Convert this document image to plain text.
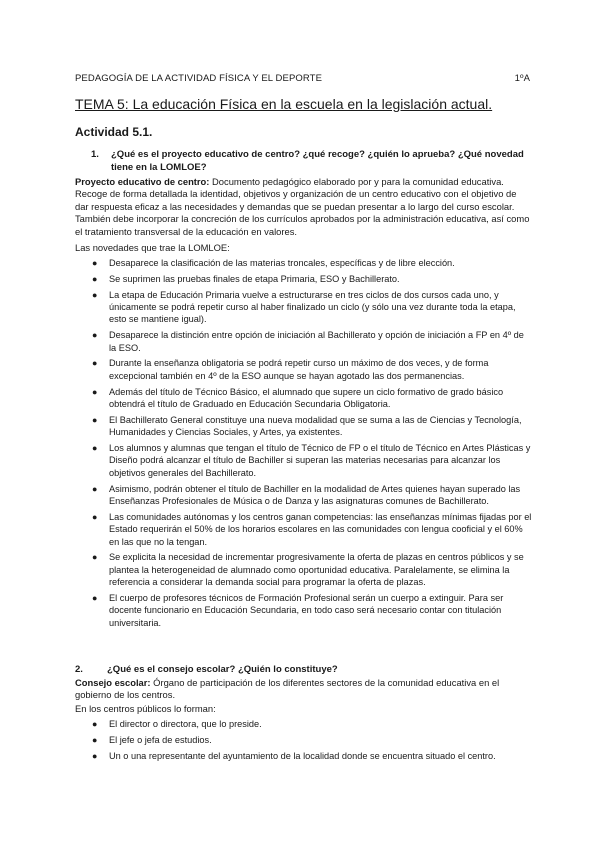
PEDAGOGÍA DE LA ACTIVIDAD FÍSICA Y EL DEPORTE	1ºA
TEMA 5: La educación Física en la escuela en la legislación actual.
Actividad 5.1.
1. ¿Qué es el proyecto educativo de centro? ¿qué recoge? ¿quién lo aprueba? ¿Qué novedad tiene en la LOMLOE?
Proyecto educativo de centro: Documento pedagógico elaborado por y para la comunidad educativa. Recoge de forma detallada la identidad, objetivos y organización de un centro educativo con el objetivo de dar respuesta eficaz a las necesidades y demandas que se puedan presentar a lo largo del curso escolar. También debe incorporar la concreción de los currículos aprobados por la administración educativa, así como el tratamiento transversal de la educación en valores.
Las novedades que trae la LOMLOE:
● Desaparece la clasificación de las materias troncales, específicas y de libre elección.
● Se suprimen las pruebas finales de etapa Primaria, ESO y Bachillerato.
● La etapa de Educación Primaria vuelve a estructurarse en tres ciclos de dos cursos cada uno, y únicamente se podrá repetir curso al haber finalizado un ciclo (y sólo una vez durante toda la etapa, esto se mantiene igual).
● Desaparece la distinción entre opción de iniciación al Bachillerato y opción de iniciación a FP en 4º de la ESO.
● Durante la enseñanza obligatoria se podrá repetir curso un máximo de dos veces, y de forma excepcional también en 4º de la ESO aunque se hayan agotado las dos permanencias.
● Además del título de Técnico Básico, el alumnado que supere un ciclo formativo de grado básico obtendrá el título de Graduado en Educación Secundaria Obligatoria.
● El Bachillerato General constituye una nueva modalidad que se suma a las de Ciencias y Tecnología, Humanidades y Ciencias Sociales, y Artes, ya existentes.
● Los alumnos y alumnas que tengan el título de Técnico de FP o el título de Técnico en Artes Plásticas y Diseño podrá alcanzar el título de Bachiller si superan las materias necesarias para alcanzar los objetivos generales del Bachillerato.
● Asimismo, podrán obtener el título de Bachiller en la modalidad de Artes quienes hayan superado las Enseñanzas Profesionales de Música o de Danza y las asignaturas comunes de Bachillerato.
● Las comunidades autónomas y los centros ganan competencias: las enseñanzas mínimas fijadas por el Estado requerirán el 50% de los horarios escolares en las comunidades con lengua cooficial y el 60% en las que no la tengan.
● Se explicita la necesidad de incrementar progresivamente la oferta de plazas en centros públicos y se plantea la heterogeneidad de alumnado como oportunidad educativa. Paralelamente, se elimina la referencia a considerar la demanda social para programar la oferta de plazas.
● El cuerpo de profesores técnicos de Formación Profesional serán un cuerpo a extinguir. Para ser docente funcionario en Educación Secundaria, en todo caso será necesario contar con titulación universitaria.
2.	¿Qué es el consejo escolar? ¿Quién lo constituye?
Consejo escolar: Órgano de participación de los diferentes sectores de la comunidad educativa en el gobierno de los centros.
En los centros públicos lo forman:
● El director o directora, que lo preside.
● El jefe o jefa de estudios.
● Un o una representante del ayuntamiento de la localidad donde se encuentra situado el centro.
